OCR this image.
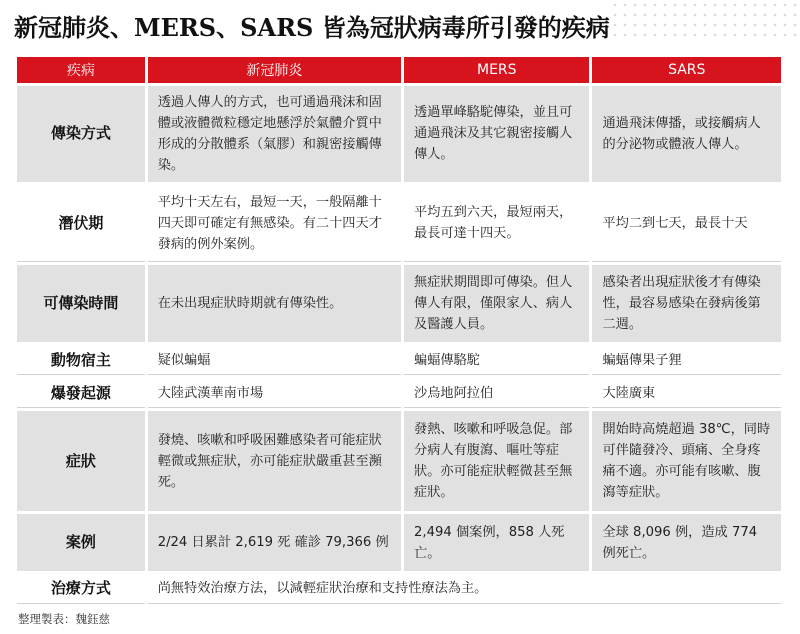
新冠肺炎、MERS、SARS 皆為冠狀病毒所引發的疾病
疾病	新冠肺炎	MERS	SARS
傳染方式	透過人傳人的方式，也可通過飛沫和固體或液體微粒穩定地懸浮於氣體介質中形成的分散體系（氣膠）和親密接觸傳染。	透過單峰駱駝傳染，並且可通過飛沫及其它親密接觸人傳人。	通過飛沫傳播，或接觸病人的分泌物或體液人傳人。
潛伏期	平均十天左右，最短一天，一般隔離十四天即可確定有無感染。有二十四天才發病的例外案例。	平均五到六天，最短兩天，最長可達十四天。	平均二到七天，最長十天
可傳染時間	在未出現症狀時期就有傳染性。	無症狀期間即可傳染。但人傳人有限，僅限家人、病人及醫護人員。	感染者出現症狀後才有傳染性，最容易感染在發病後第二週。
動物宿主	疑似蝙蝠	蝙蝠傳駱駝	蝙蝠傳果子狸
爆發起源	大陸武漢華南市場	沙烏地阿拉伯	大陸廣東
症狀	發燒、咳嗽和呼吸困難感染者可能症狀輕微或無症狀，亦可能症狀嚴重甚至瀕死。	發熱、咳嗽和呼吸急促。部分病人有腹瀉、嘔吐等症狀。亦可能症狀輕微甚至無症狀。	開始時高燒超過 38℃，同時可伴隨發冷、頭痛、全身疼痛不適。亦可能有咳嗽、腹瀉等症狀。
案例	2/24 日累計 2,619 死 確診 79,366 例	2,494 個案例，858 人死亡。	全球 8,096 例，造成 774 例死亡。
治療方式	尚無特效治療方法，以減輕症狀治療和支持性療法為主。		
整理製表：魏鈺慈
